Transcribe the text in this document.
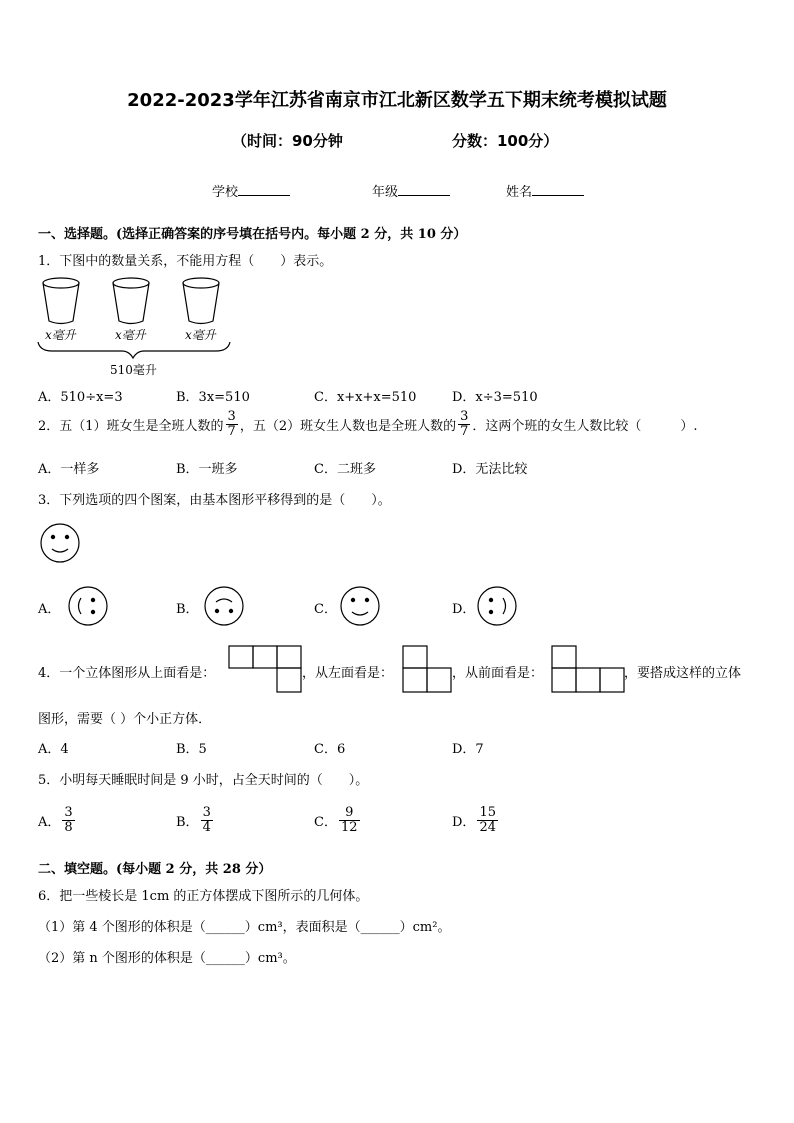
2022-2023学年江苏省南京市江北新区数学五下期末统考模拟试题
（时间：90分钟	分数：100分）
学校	年级	姓名
一、选择题。(选择正确答案的序号填在括号内。每小题 2 分，共 10 分）
1．下图中的数量关系，不能用方程（　　）表示。
x毫升	x毫升	x毫升
510毫升
A．510÷x=3	B．3x=510	C．x+x+x=510	D．x÷3=510
2．五（1）班女生是全班人数的 $\frac{3}{7}$ ，五（2）班女生人数也是全班人数的 $\frac{3}{7}$ ．这两个班的女生人数比较（　　　）.
A．一样多	B．一班多	C．二班多	D．无法比较
3．下列选项的四个图案，由基本图形平移得到的是（　　）。
A．	B．	C．	D．
4．一个立体图形从上面看是：	，从左面看是：	，从前面看是：	，要搭成这样的立体
图形，需要（ ）个小正方体．
A．4	B．5	C．6	D．7
5．小明每天睡眠时间是 9 小时，占全天时间的（　　）。
A． $\frac{3}{8}$	B． $\frac{3}{4}$	C． $\frac{9}{12}$	D． $\frac{15}{24}$
二、填空题。(每小题 2 分，共 28 分）
6．把一些棱长是 1cm 的正方体摆成下图所示的几何体。
（1）第 4 个图形的体积是（______）cm³，表面积是（______）cm²。
（2）第 n 个图形的体积是（______）cm³。
